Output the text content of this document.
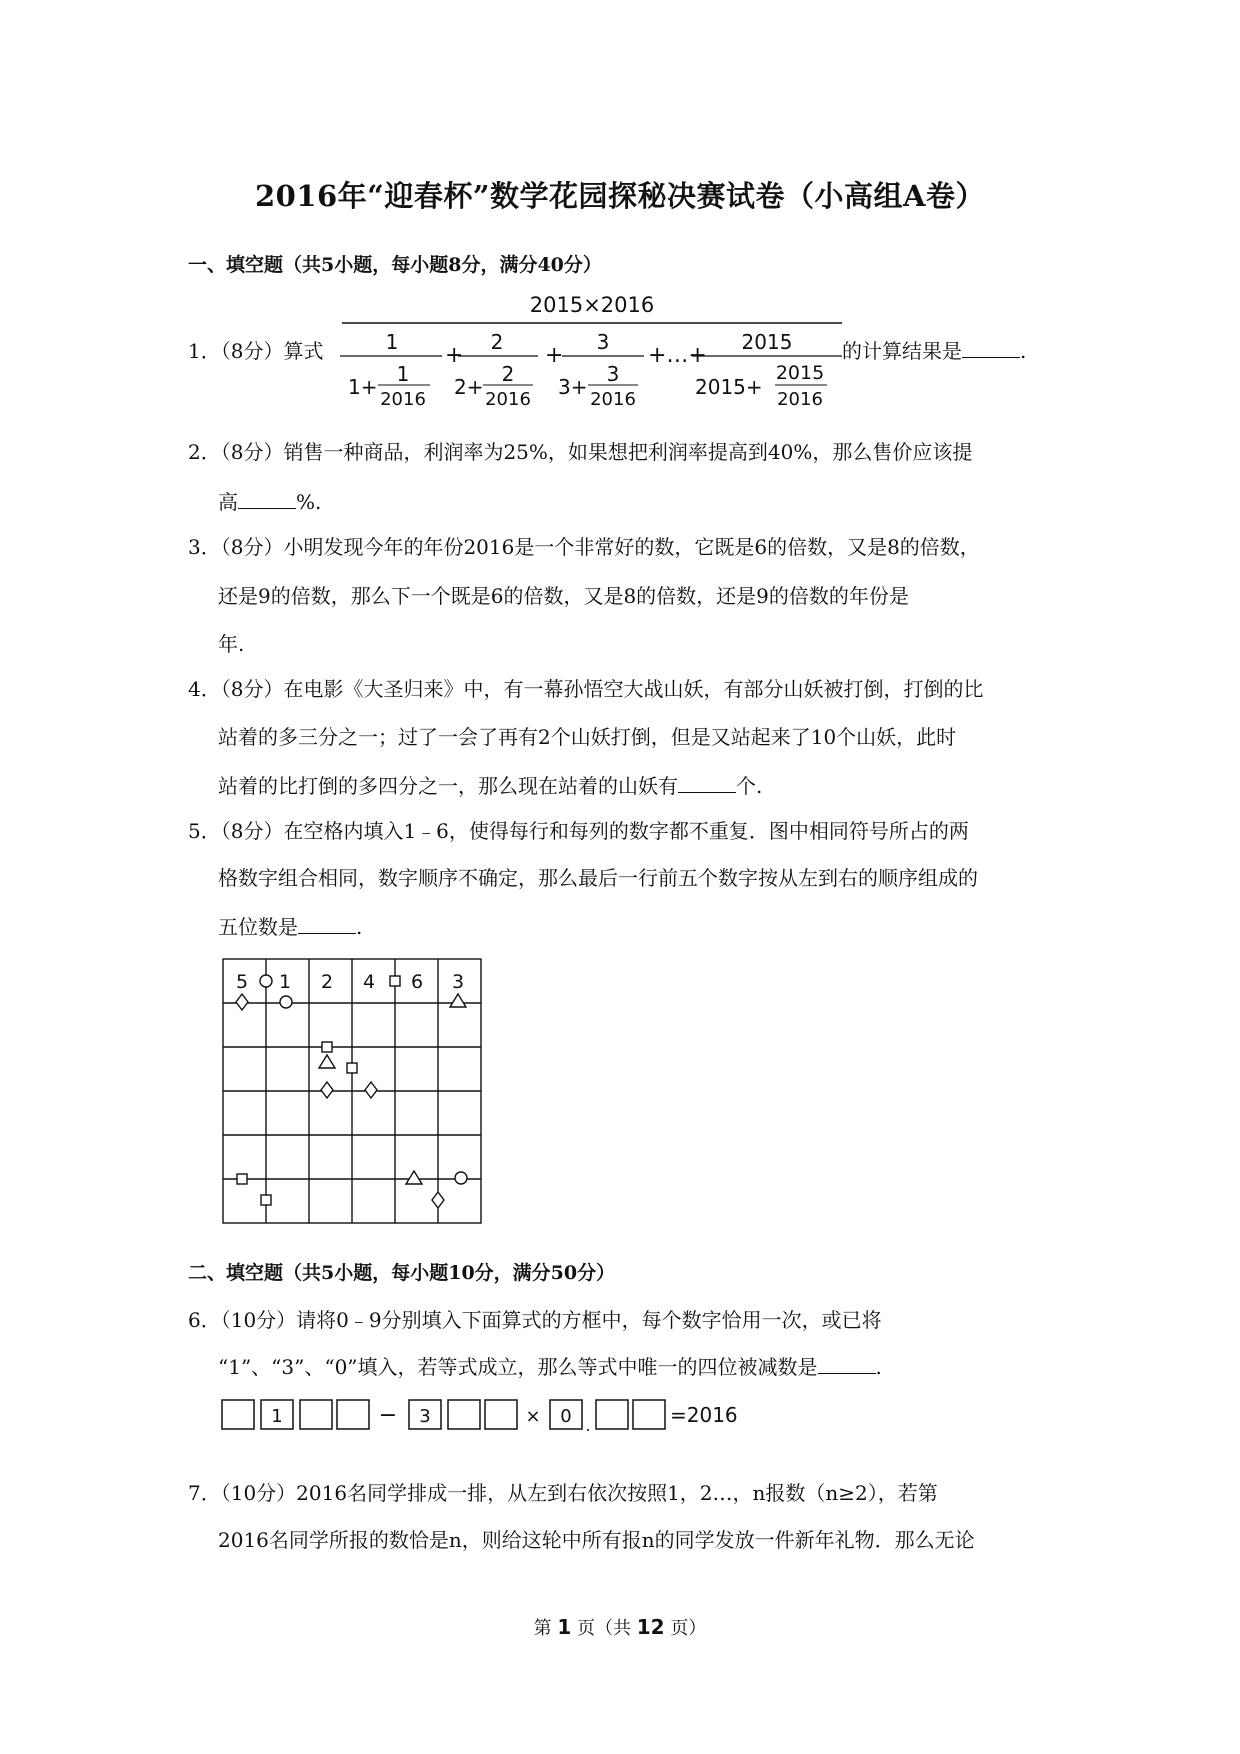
2016年“迎春杯”数学花园探秘决赛试卷（小高组A卷）
一、填空题（共5小题，每小题8分，满分40分）
1．（8分）算式
2015×2016
1
1+
1
2016
+
2
2+
2
2016
+
3
3+
3
2016
+…+
2015
2015+
2015
2016
的计算结果是	.
2．（8分）销售一种商品，利润率为25%，如果想把利润率提高到40%，那么售价应该提
高	%.
3．（8分）小明发现今年的年份2016是一个非常好的数，它既是6的倍数，又是8的倍数，
还是9的倍数，那么下一个既是6的倍数，又是8的倍数，还是9的倍数的年份是
年.
4．（8分）在电影《大圣归来》中，有一幕孙悟空大战山妖，有部分山妖被打倒，打倒的比
站着的多三分之一；过了一会了再有2个山妖打倒，但是又站起来了10个山妖，此时
站着的比打倒的多四分之一，那么现在站着的山妖有	个.
5．（8分）在空格内填入1﹣6，使得每行和每列的数字都不重复．图中相同符号所占的两
格数字组合相同，数字顺序不确定，那么最后一行前五个数字按从左到右的顺序组成的
五位数是	.
5 1 2 4 6 3
二、填空题（共5小题，每小题10分，满分50分）
6．（10分）请将0﹣9分别填入下面算式的方框中，每个数字恰用一次，或已将
“1”、“3”、“0”填入，若等式成立，那么等式中唯一的四位被减数是	.
1	− 3	× 0 .	=2016
7．（10分）2016名同学排成一排，从左到右依次按照1，2…，n报数（n≥2），若第
2016名同学所报的数恰是n，则给这轮中所有报n的同学发放一件新年礼物．那么无论
第 1 页（共 12 页）
